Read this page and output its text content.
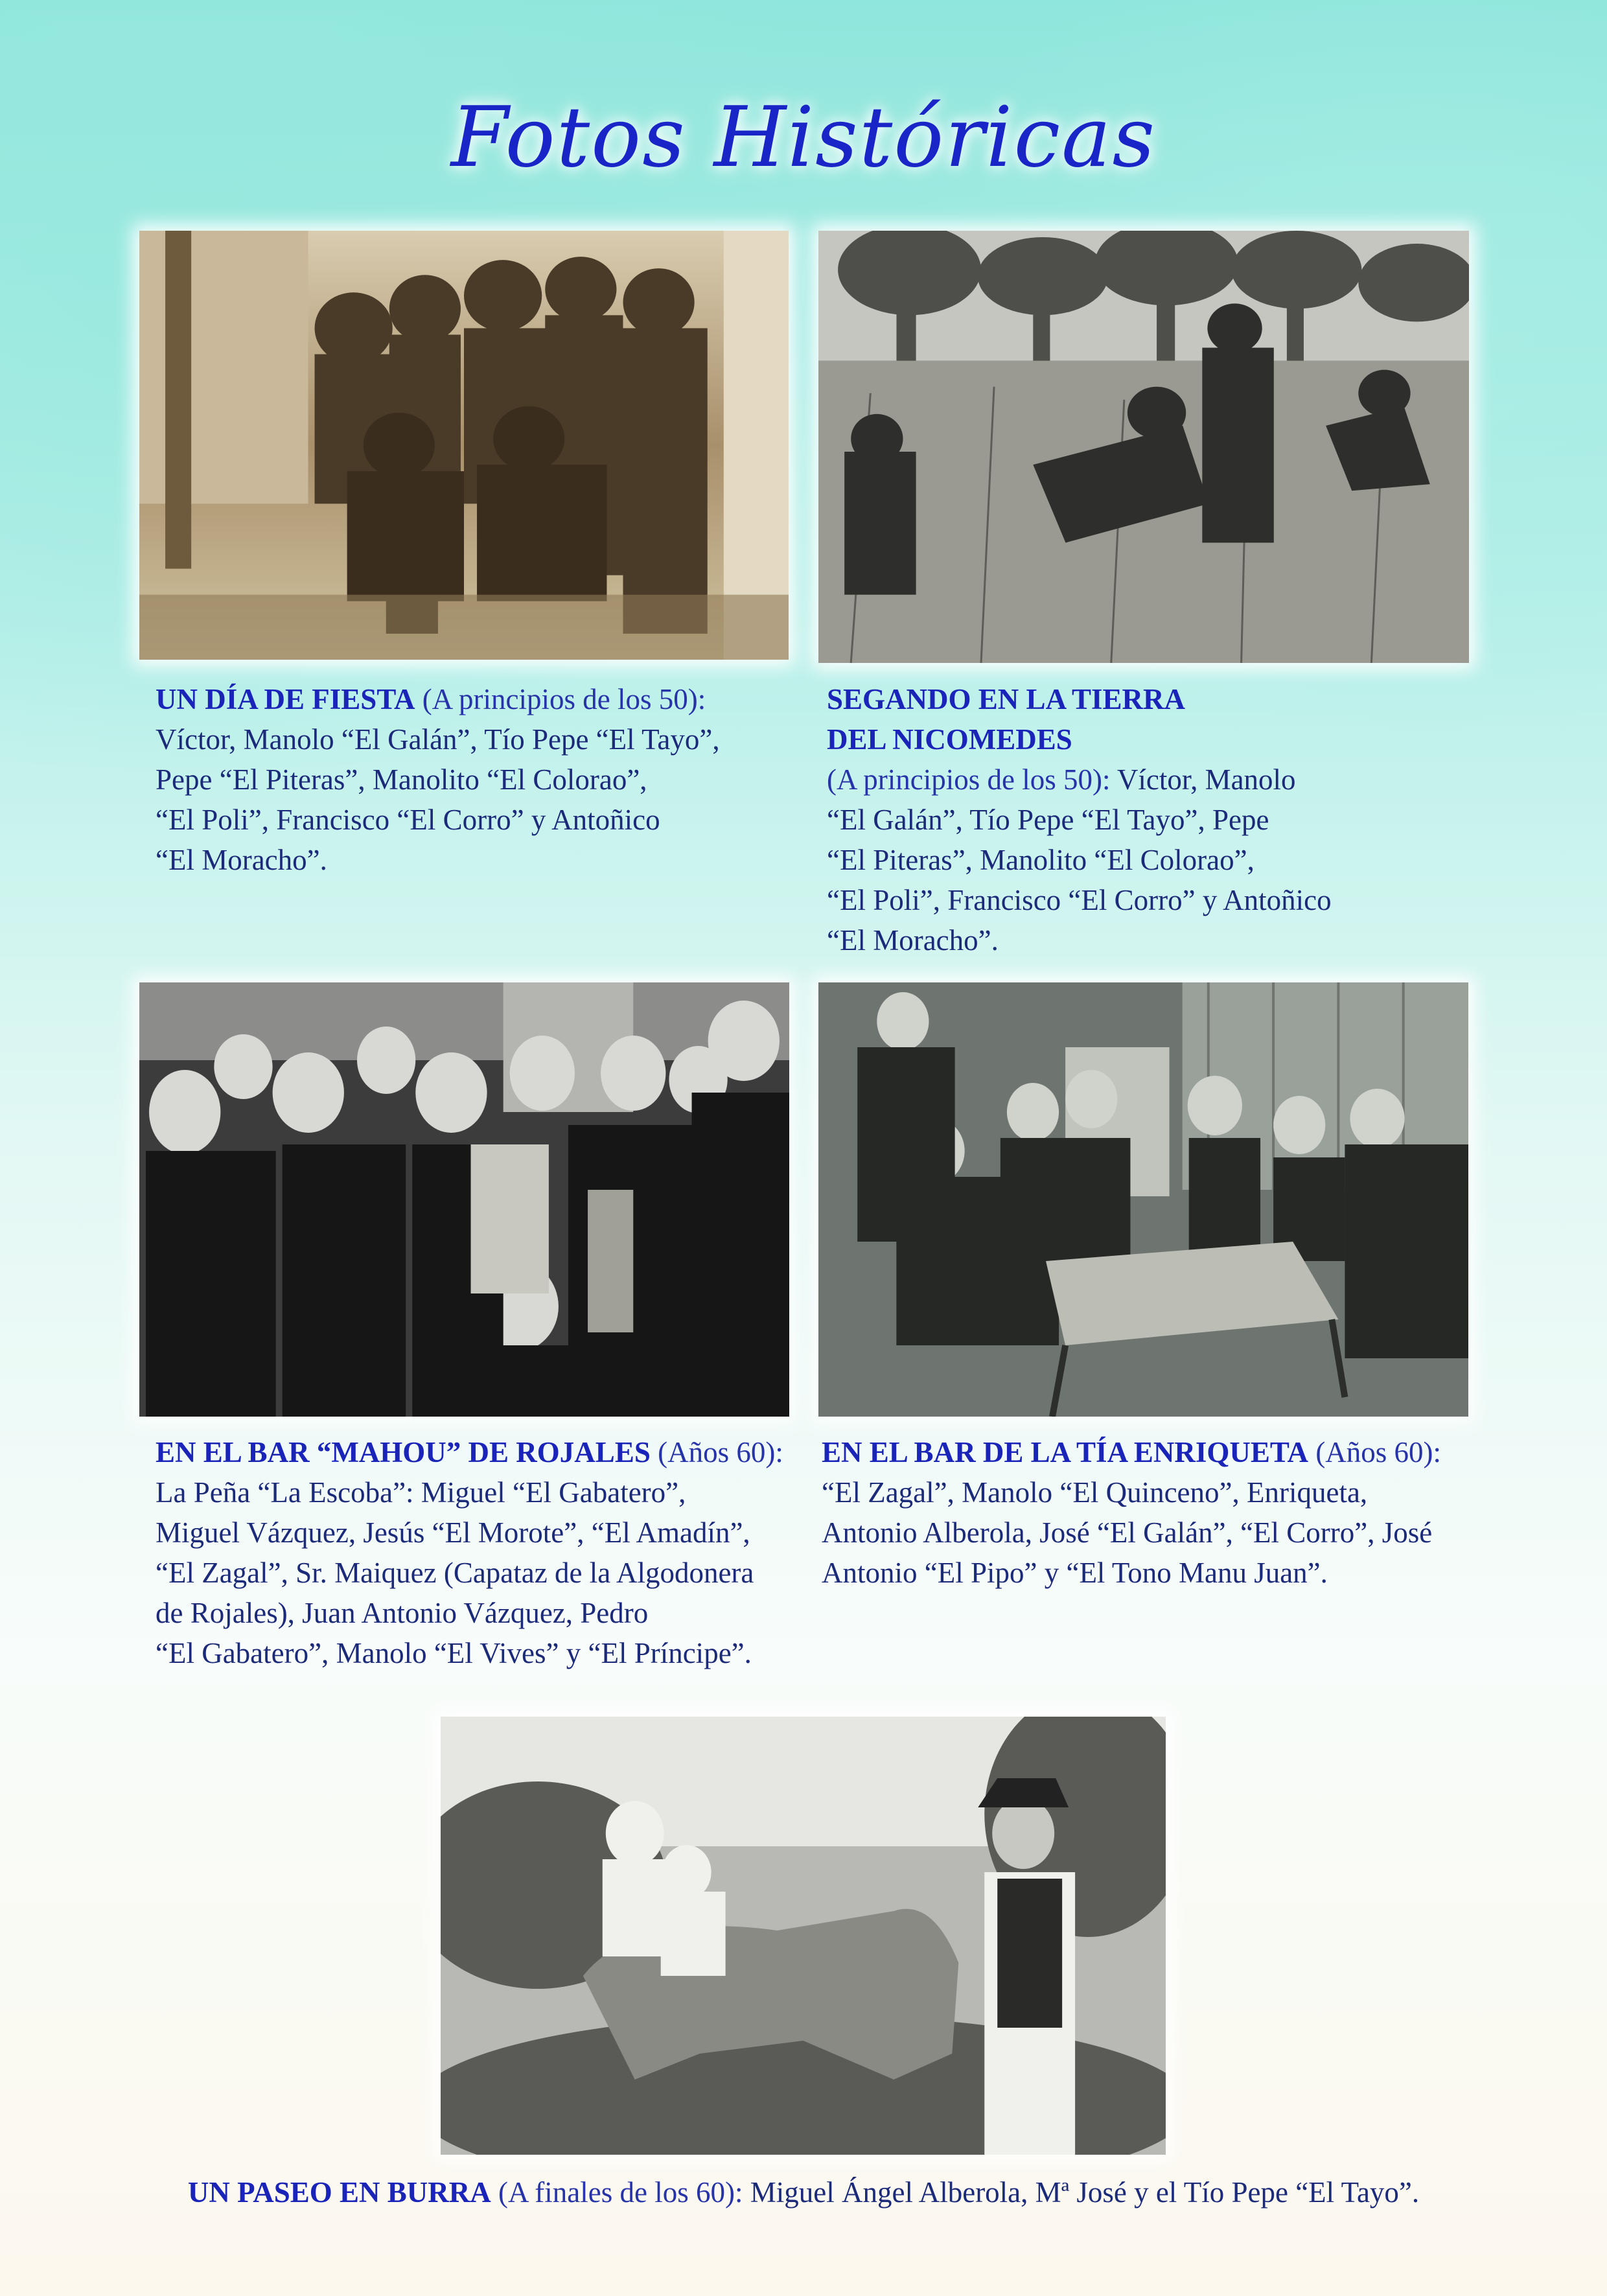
Fotos Históricas
UN DÍA DE FIESTA (A principios de los 50):
Víctor, Manolo “El Galán”, Tío Pepe “El Tayo”,
Pepe “El Piteras”, Manolito “El Colorao”,
“El Poli”, Francisco “El Corro” y Antoñico
“El Moracho”.
SEGANDO EN LA TIERRA
DEL NICOMEDES
(A principios de los 50): Víctor, Manolo
“El Galán”, Tío Pepe “El Tayo”, Pepe
“El Piteras”, Manolito “El Colorao”,
“El Poli”, Francisco “El Corro” y Antoñico
“El Moracho”.
EN EL BAR “MAHOU” DE ROJALES (Años 60):
La Peña “La Escoba”: Miguel “El Gabatero”,
Miguel Vázquez, Jesús “El Morote”, “El Amadín”,
“El Zagal”, Sr. Maiquez (Capataz de la Algodonera
de Rojales), Juan Antonio Vázquez, Pedro
“El Gabatero”, Manolo “El Vives” y “El Príncipe”.
EN EL BAR DE LA TÍA ENRIQUETA (Años 60):
“El Zagal”, Manolo “El Quinceno”, Enriqueta,
Antonio Alberola, José “El Galán”, “El Corro”, José
Antonio “El Pipo” y “El Tono Manu Juan”.
UN PASEO EN BURRA (A finales de los 60): Miguel Ángel Alberola, Mª José y el Tío Pepe “El Tayo”.
